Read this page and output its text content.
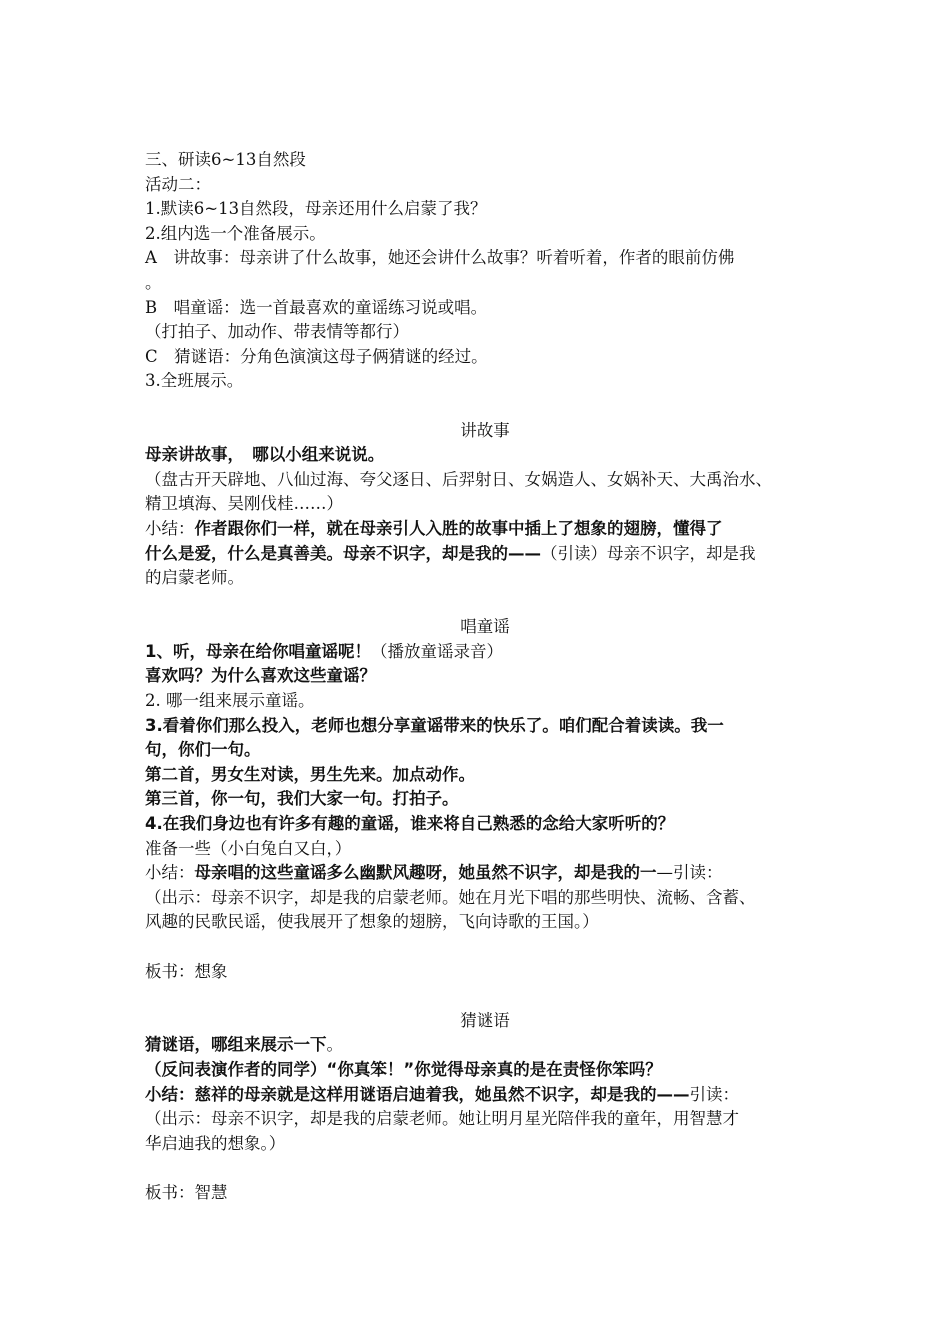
三、研读6~13自然段
活动二：
1.默读6~13自然段，母亲还用什么启蒙了我？
2.组内选一个准备展示。
A　讲故事：母亲讲了什么故事，她还会讲什么故事？听着听着，作者的眼前仿佛
。
B　唱童谣：选一首最喜欢的童谣练习说或唱。
（打拍子、加动作、带表情等都行）
C　猜谜语：分角色演演这母子俩猜谜的经过。
3.全班展示。
讲故事
母亲讲故事，　哪以小组来说说。
（盘古开天辟地、八仙过海、夸父逐日、后羿射日、女娲造人、女娲补天、大禹治水、
精卫填海、吴刚伐桂……）
小结：作者跟你们一样，就在母亲引人入胜的故事中插上了想象的翅膀，懂得了
什么是爱，什么是真善美。母亲不识字，却是我的——（引读）母亲不识字，却是我
的启蒙老师。
唱童谣
1、听，母亲在给你唱童谣呢！（播放童谣录音）
喜欢吗？为什么喜欢这些童谣？
2. 哪一组来展示童谣。
3.看着你们那么投入，老师也想分享童谣带来的快乐了。咱们配合着读读。我一
句，你们一句。
第二首，男女生对读，男生先来。加点动作。
第三首，你一句，我们大家一句。打拍子。
4.在我们身边也有许多有趣的童谣，谁来将自己熟悉的念给大家听听的？
准备一些（小白兔白又白，）
小结：母亲唱的这些童谣多么幽默风趣呀，她虽然不识字，却是我的一—引读：
（出示：母亲不识字，却是我的启蒙老师。她在月光下唱的那些明快、流畅、含蓄、
风趣的民歌民谣，使我展开了想象的翅膀，飞向诗歌的王国。）
板书：想象
猜谜语
猜谜语，哪组来展示一下。
（反问表演作者的同学）“你真笨！”你觉得母亲真的是在责怪你笨吗？
小结：慈祥的母亲就是这样用谜语启迪着我，她虽然不识字，却是我的——引读：
（出示：母亲不识字，却是我的启蒙老师。她让明月星光陪伴我的童年，用智慧才
华启迪我的想象。）
板书：智慧
